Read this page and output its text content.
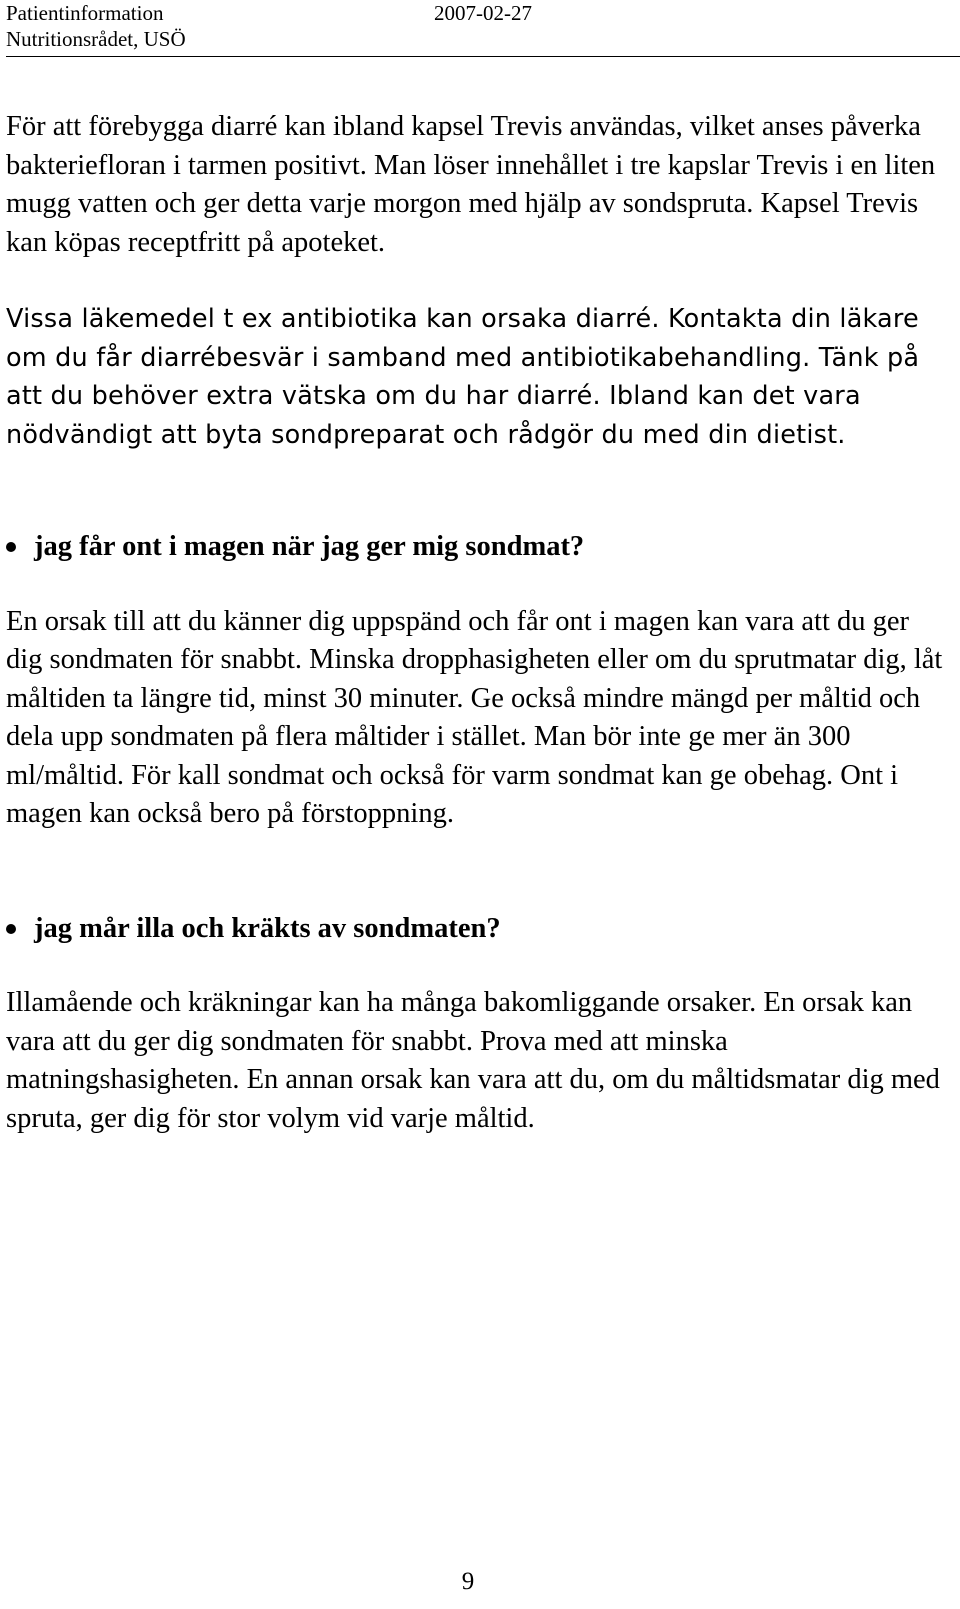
Patientinformation	2007-02-27
Nutritionsrådet, USÖ

För att förebygga diarré kan ibland kapsel Trevis användas, vilket anses påverka bakteriefloran i tarmen positivt. Man löser innehållet i tre kapslar Trevis i en liten mugg vatten och ger detta varje morgon med hjälp av sondspruta. Kapsel Trevis kan köpas receptfritt på apoteket.

Vissa läkemedel t ex antibiotika kan orsaka diarré. Kontakta din läkare om du får diarrébesvär i samband med antibiotikabehandling. Tänk på att du behöver extra vätska om du har diarré. Ibland kan det vara nödvändigt att byta sondpreparat och rådgör du med din dietist.

jag får ont i magen när jag ger mig sondmat?

En orsak till att du känner dig uppspänd och får ont i magen kan vara att du ger dig sondmaten för snabbt. Minska dropphasigheten eller om du sprutmatar dig, låt måltiden ta längre tid, minst 30 minuter. Ge också mindre mängd per måltid och dela upp sondmaten på flera måltider i stället. Man bör inte ge mer än 300 ml/måltid. För kall sondmat och också för varm sondmat kan ge obehag. Ont i magen kan också bero på förstoppning.

jag mår illa och kräkts av sondmaten?

Illamående och kräkningar kan ha många bakomliggande orsaker. En orsak kan vara att du ger dig sondmaten för snabbt. Prova med att minska matningshasigheten. En annan orsak kan vara att du, om du måltidsmatar dig med spruta, ger dig för stor volym vid varje måltid.

9
